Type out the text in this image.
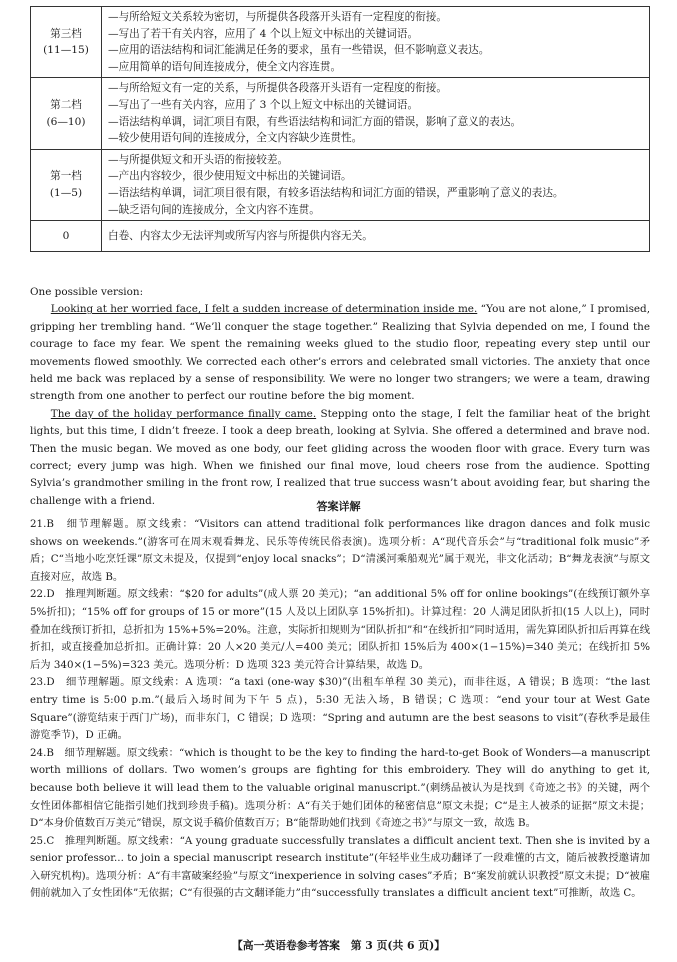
第三档
(11—15)	—与所给短文关系较为密切，与所提供各段落开头语有一定程度的衔接。
—写出了若干有关内容，应用了 4 个以上短文中标出的关键词语。
—应用的语法结构和词汇能满足任务的要求，虽有一些错误，但不影响意义表达。
—应用简单的语句间连接成分，使全文内容连贯。

第二档
(6—10)	—与所给短文有一定的关系，与所提供各段落开头语有一定程度的衔接。
—写出了一些有关内容，应用了 3 个以上短文中标出的关键词语。
—语法结构单调，词汇项目有限，有些语法结构和词汇方面的错误，影响了意义的表达。
—较少使用语句间的连接成分，全文内容缺少连贯性。

第一档
(1—5)	—与所提供短文和开头语的衔接较差。
—产出内容较少，很少使用短文中标出的关键词语。
—语法结构单调，词汇项目很有限，有较多语法结构和词汇方面的错误，严重影响了意义的表达。
—缺乏语句间的连接成分，全文内容不连贯。

0	白卷、内容太少无法评判或所写内容与所提供内容无关。

One possible version:

Looking at her worried face, I felt a sudden increase of determination inside me. “You are not alone,” I promised, gripping her trembling hand. “We’ll conquer the stage together.” Realizing that Sylvia depended on me, I found the courage to face my fear. We spent the remaining weeks glued to the studio floor, repeating every step until our movements flowed smoothly. We corrected each other’s errors and celebrated small victories. The anxiety that once held me back was replaced by a sense of responsibility. We were no longer two strangers; we were a team, drawing strength from one another to perfect our routine before the big moment.

The day of the holiday performance finally came. Stepping onto the stage, I felt the familiar heat of the bright lights, but this time, I didn’t freeze. I took a deep breath, looking at Sylvia. She offered a determined and brave nod. Then the music began. We moved as one body, our feet gliding across the wooden floor with grace. Every turn was correct; every jump was high. When we finished our final move, loud cheers rose from the audience. Spotting Sylvia’s grandmother smiling in the front row, I realized that true success wasn’t about avoiding fear, but sharing the challenge with a friend.	答案详解

21.B　细节理解题。原文线索：“Visitors can attend traditional folk performances like dragon dances and folk music shows on weekends.”(游客可在周末观看舞龙、民乐等传统民俗表演)。选项分析：A“现代音乐会”与“traditional folk music”矛盾；C“当地小吃烹饪课”原文未提及，仅提到“enjoy local snacks”；D“清溪河乘船观光”属于观光，非文化活动；B“舞龙表演”与原文直接对应，故选 B。

22.D　推理判断题。原文线索：“$20 for adults”(成人票 20 美元)；“an additional 5% off for online bookings”(在线预订额外享 5%折扣)；“15% off for groups of 15 or more”(15 人及以上团队享 15%折扣)。计算过程：20 人满足团队折扣(15 人以上)，同时叠加在线预订折扣，总折扣为 15%+5%=20%。注意，实际折扣规则为“团队折扣”和“在线折扣”同时适用，需先算团队折扣后再算在线折扣，或直接叠加总折扣。正确计算：20 人×20 美元/人=400 美元；团队折扣 15%后为 400×(1−15%)=340 美元；在线折扣 5%后为 340×(1−5%)=323 美元。选项分析：D 选项 323 美元符合计算结果，故选 D。

23.D　细节理解题。原文线索：A 选项：“a taxi (one-way $30)”(出租车单程 30 美元)，而非往返，A 错误；B 选项：“the last entry time is 5:00 p.m.”(最后入场时间为下午 5 点)，5:30 无法入场，B 错误；C 选项：“end your tour at West Gate Square”(游览结束于西门广场)，而非东门，C 错误；D 选项：“Spring and autumn are the best seasons to visit”(春秋季是最佳游览季节)，D 正确。

24.B　细节理解题。原文线索：“which is thought to be the key to finding the hard-to-get Book of Wonders—a manuscript worth millions of dollars. Two women’s groups are fighting for this embroidery. They will do anything to get it, because both believe it will lead them to the valuable original manuscript.”(刺绣品被认为是找到《奇迹之书》的关键，两个女性团体都相信它能指引她们找到珍贵手稿)。选项分析：A“有关于她们团体的秘密信息”原文未提；C“是主人被杀的证据”原文未提；D“本身价值数百万美元”错误，原文说手稿价值数百万；B“能帮助她们找到《奇迹之书》”与原文一致，故选 B。

25.C　推理判断题。原文线索：“A young graduate successfully translates a difficult ancient text. Then she is invited by a senior professor... to join a special manuscript research institute”(年轻毕业生成功翻译了一段难懂的古文，随后被教授邀请加入研究机构)。选项分析：A“有丰富破案经验”与原文“inexperience in solving cases”矛盾；B“案发前就认识教授”原文未提；D“被雇佣前就加入了女性团体”无依据；C“有很强的古文翻译能力”由“successfully translates a difficult ancient text”可推断，故选 C。

【高一英语卷参考答案　第 3 页(共 6 页)】
